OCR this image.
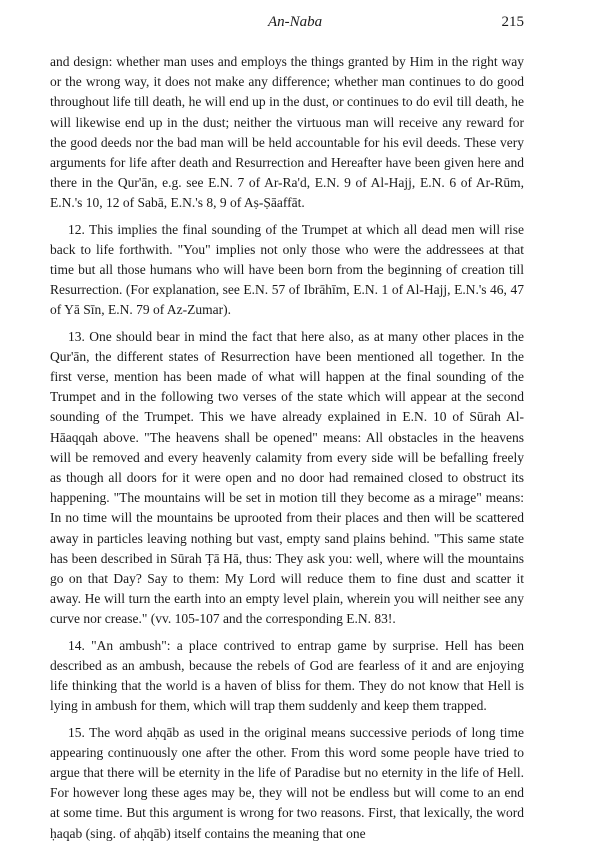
An-Naba	215

and design: whether man uses and employs the things granted by Him in the right way or the wrong way, it does not make any difference; whether man continues to do good throughout life till death, he will end up in the dust, or continues to do evil till death, he will likewise end up in the dust; neither the virtuous man will receive any reward for the good deeds nor the bad man will be held accountable for his evil deeds. These very arguments for life after death and Resurrection and Hereafter have been given here and there in the Qur'ān, e.g. see E.N. 7 of Ar-Ra'd, E.N. 9 of Al-Hajj, E.N. 6 of Ar-Rūm, E.N.'s 10, 12 of Sabā, E.N.'s 8, 9 of Aṣ-Ṣāaffāt.

12. This implies the final sounding of the Trumpet at which all dead men will rise back to life forthwith. "You" implies not only those who were the addressees at that time but all those humans who will have been born from the beginning of creation till Resurrection. (For explanation, see E.N. 57 of Ibrāhīm, E.N. 1 of Al-Hajj, E.N.'s 46, 47 of Yā Sīn, E.N. 79 of Az-Zumar).

13. One should bear in mind the fact that here also, as at many other places in the Qur'ān, the different states of Resurrection have been mentioned all together. In the first verse, mention has been made of what will happen at the final sounding of the Trumpet and in the following two verses of the state which will appear at the second sounding of the Trumpet. This we have already explained in E.N. 10 of Sūrah Al-Hāaqqah above. "The heavens shall be opened" means: All obstacles in the heavens will be removed and every heavenly calamity from every side will be befalling freely as though all doors for it were open and no door had remained closed to obstruct its happening. "The mountains will be set in motion till they become as a mirage" means: In no time will the mountains be uprooted from their places and then will be scattered away in particles leaving nothing but vast, empty sand plains behind. "This same state has been described in Sūrah Ṭā Hā, thus: They ask you: well, where will the mountains go on that Day? Say to them: My Lord will reduce them to fine dust and scatter it away. He will turn the earth into an empty level plain, wherein you will neither see any curve nor crease." (vv. 105-107 and the corresponding E.N. 83!.

14. "An ambush": a place contrived to entrap game by surprise. Hell has been described as an ambush, because the rebels of God are fearless of it and are enjoying life thinking that the world is a haven of bliss for them. They do not know that Hell is lying in ambush for them, which will trap them suddenly and keep them trapped.

15. The word aḥqāb as used in the original means successive periods of long time appearing continuously one after the other. From this word some people have tried to argue that there will be eternity in the life of Paradise but no eternity in the life of Hell. For however long these ages may be, they will not be endless but will come to an end at some time. But this argument is wrong for two reasons. First, that lexically, the word ḥaqab (sing. of aḥqāb) itself contains the meaning that one
